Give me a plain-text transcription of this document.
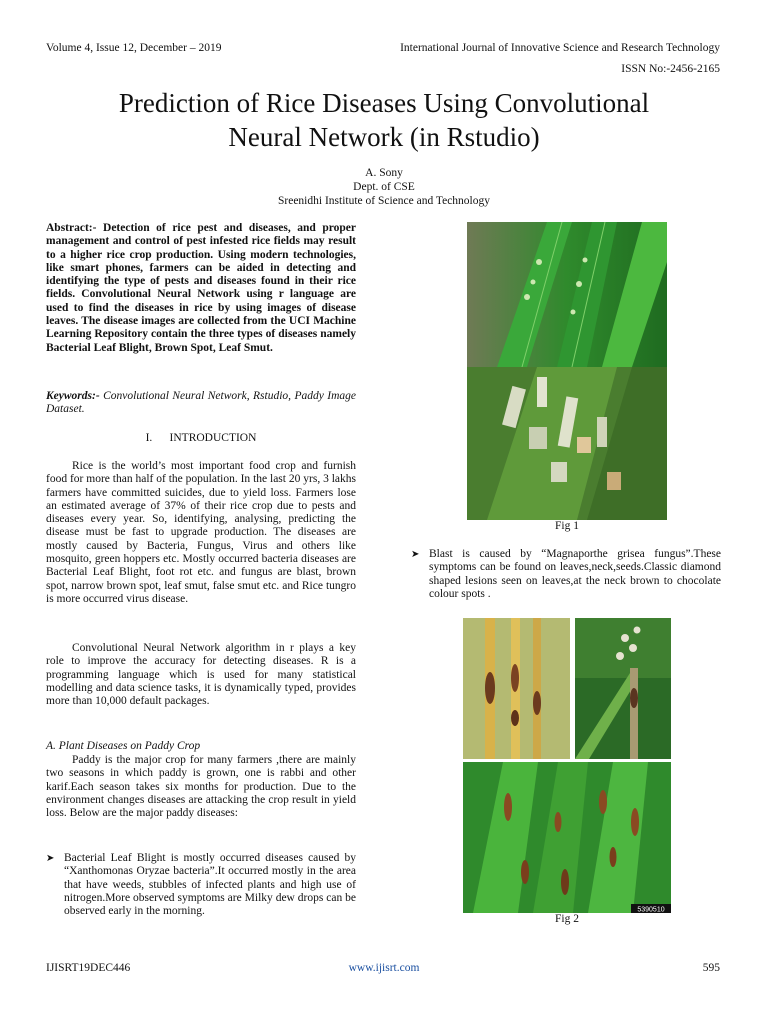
Volume 4, Issue 12, December – 2019	International Journal of Innovative Science and Research Technology
ISSN No:-2456-2165
Prediction of Rice Diseases Using Convolutional
Neural Network (in Rstudio)
A. Sony
Dept. of CSE
Sreenidhi Institute of Science and Technology
Abstract:- Detection of rice pest and diseases, and proper management and control of pest infested rice fields may result to a higher rice crop production. Using modern technologies, like smart phones, farmers can be aided in detecting and identifying the type of pests and diseases found in their rice fields. Convolutional Neural Network using r language are used to find the diseases in rice by using images of disease leaves. The disease images are collected from the UCI Machine Learning Repository contain the three types of diseases namely Bacterial Leaf Blight, Brown Spot, Leaf Smut.
Keywords:- Convolutional Neural Network, Rstudio, Paddy Image Dataset.
I.      INTRODUCTION
Rice is the world’s most important food crop and furnish food for more than half of the population. In the last 20 yrs, 3 lakhs farmers have committed suicides, due to yield loss. Farmers lose an estimated average of 37% of their rice crop due to pests and diseases every year. So, identifying, analysing, predicting the disease must be fast to upgrade production. The diseases are mostly caused by Bacteria, Fungus, Virus and others like mosquito, green hoppers etc. Mostly occurred bacteria diseases are Bacterial Leaf Blight, foot rot etc. and fungus are blast, brown spot, narrow brown spot, leaf smut, false smut etc. and Rice tungro is more occurred virus disease.
Convolutional Neural Network algorithm in r plays a key role to improve the accuracy for detecting diseases. R is a programming language which is used for many statistical modelling and data science tasks, it is dynamically typed, provides more than 10,000 default packages.
A. Plant Diseases on Paddy Crop
Paddy is the major crop for many farmers ,there are mainly two seasons in which paddy is grown, one is rabbi and other karif.Each season takes six months for production. Due to the environment changes diseases are attacking the crop result in yield loss. Below are the major paddy diseases:
➤ Bacterial Leaf Blight is mostly occurred diseases caused by “Xanthomonas Oryzae bacteria”.It occurred mostly in the area that have weeds, stubbles of infected plants and high use of nitrogen.More observed symptoms are Milky dew drops can be observed early in the morning.
Fig 1
➤ Blast is caused by “Magnaporthe grisea fungus”.These symptoms can be found on leaves,neck,seeds.Classic diamond shaped lesions seen on leaves,at the neck brown to chocolate colour spots .
5390510
Fig 2
IJISRT19DEC446	www.ijisrt.com	595
